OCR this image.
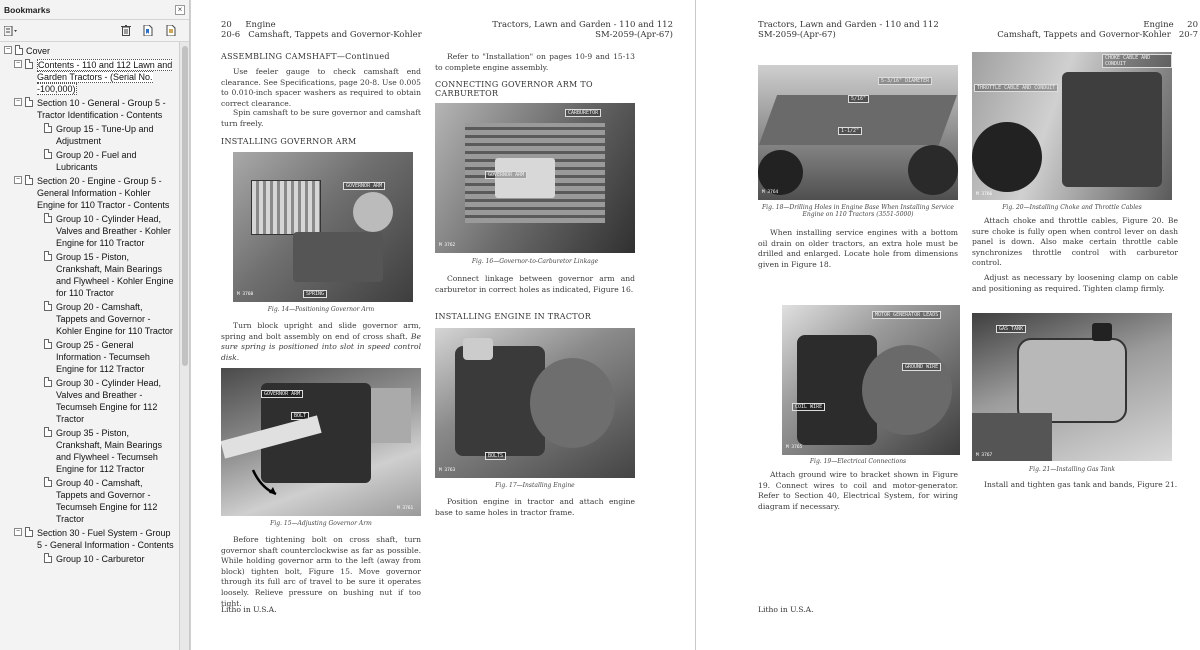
Bookmarks	×
− Cover
− Contents - 110 and 112 Lawn and Garden Tractors - (Serial No. -100,000)
− Section 10 - General - Group 5 - Tractor Identification - Contents
Group 15 - Tune-Up and Adjustment
Group 20 - Fuel and Lubricants
− Section 20 - Engine - Group 5 - General Information - Kohler Engine for 110 Tractor - Contents
Group 10 - Cylinder Head, Valves and Breather - Kohler Engine for 110 Tractor
Group 15 - Piston, Crankshaft, Main Bearings and Flywheel - Kohler Engine for 110 Tractor
Group 20 - Camshaft, Tappets and Governor - Kohler Engine for 110 Tractor
Group 25 - General Information - Tecumseh Engine for 112 Tractor
Group 30 - Cylinder Head, Valves and Breather - Tecumseh Engine for 112 Tractor
Group 35 - Piston, Crankshaft, Main Bearings and Flywheel - Tecumseh Engine for 112 Tractor
Group 40 - Camshaft, Tappets and Governor - Tecumseh Engine for 112 Tractor
− Section 30 - Fuel System - Group 5 - General Information - Contents
Group 10 - Carburetor
20 Engine
20-6 Camshaft, Tappets and Governor-Kohler
Tractors, Lawn and Garden - 110 and 112
SM-2059-(Apr-67)
ASSEMBLING CAMSHAFT—Continued
Use feeler gauge to check camshaft end clearance. See Specifications, page 20-8. Use 0.005 to 0.010-inch spacer washers as required to obtain correct clearance.
Spin camshaft to be sure governor and camshaft turn freely.
INSTALLING GOVERNOR ARM
GOVERNOR ARM
SPRING
M 3760
Fig. 14—Positioning Governor Arm
Turn block upright and slide governor arm, spring and bolt assembly on end of cross shaft. Be sure spring is positioned into slot in speed control disk.
GOVERNOR ARM
BOLT
M 3761
Fig. 15—Adjusting Governor Arm
Before tightening bolt on cross shaft, turn governor shaft counterclockwise as far as possible. While holding governor arm to the left (away from block) tighten bolt, Figure 15. Move governor through its full arc of travel to be sure it operates loosely. Relieve pressure on bushing nut if too tight.
Litho in U.S.A.
Refer to "Installation" on pages 10-9 and 15-13 to complete engine assembly.
CONNECTING GOVERNOR ARM TO CARBURETOR
CARBURETOR
GOVERNOR ARM
M 3762
Fig. 16—Governor-to-Carburetor Linkage
Connect linkage between governor arm and carburetor in correct holes as indicated, Figure 16.
INSTALLING ENGINE IN TRACTOR
BOLTS
M 3763
Fig. 17—Installing Engine
Position engine in tractor and attach engine base to same holes in tractor frame.
Tractors, Lawn and Garden - 110 and 112
SM-2059-(Apr-67)
Engine 20
Camshaft, Tappets and Governor-Kohler 20-7
5-3/16" DIAMETER
5/16"
1-1/2"
M 3764
Fig. 18—Drilling Holes in Engine Base When Installing Service Engine on 110 Tractors (3551-5000)
When installing service engines with a bottom oil drain on older tractors, an extra hole must be drilled and enlarged. Locate hole from dimensions given in Figure 18.
MOTOR GENERATOR LEADS
GROUND WIRE
COIL WIRE
M 3765
Fig. 19—Electrical Connections
Attach ground wire to bracket shown in Figure 19. Connect wires to coil and motor-generator. Refer to Section 40, Electrical System, for wiring diagram if necessary.
Litho in U.S.A.
THROTTLE CABLE AND CONDUIT
CHOKE CABLE AND CONDUIT
M 3766
Fig. 20—Installing Choke and Throttle Cables
Attach choke and throttle cables, Figure 20. Be sure choke is fully open when control lever on dash panel is down. Also make certain throttle cable synchronizes throttle control with carburetor control.
Adjust as necessary by loosening clamp on cable and positioning as required. Tighten clamp firmly.
GAS TANK
M 3767
Fig. 21—Installing Gas Tank
Install and tighten gas tank and bands, Figure 21.
